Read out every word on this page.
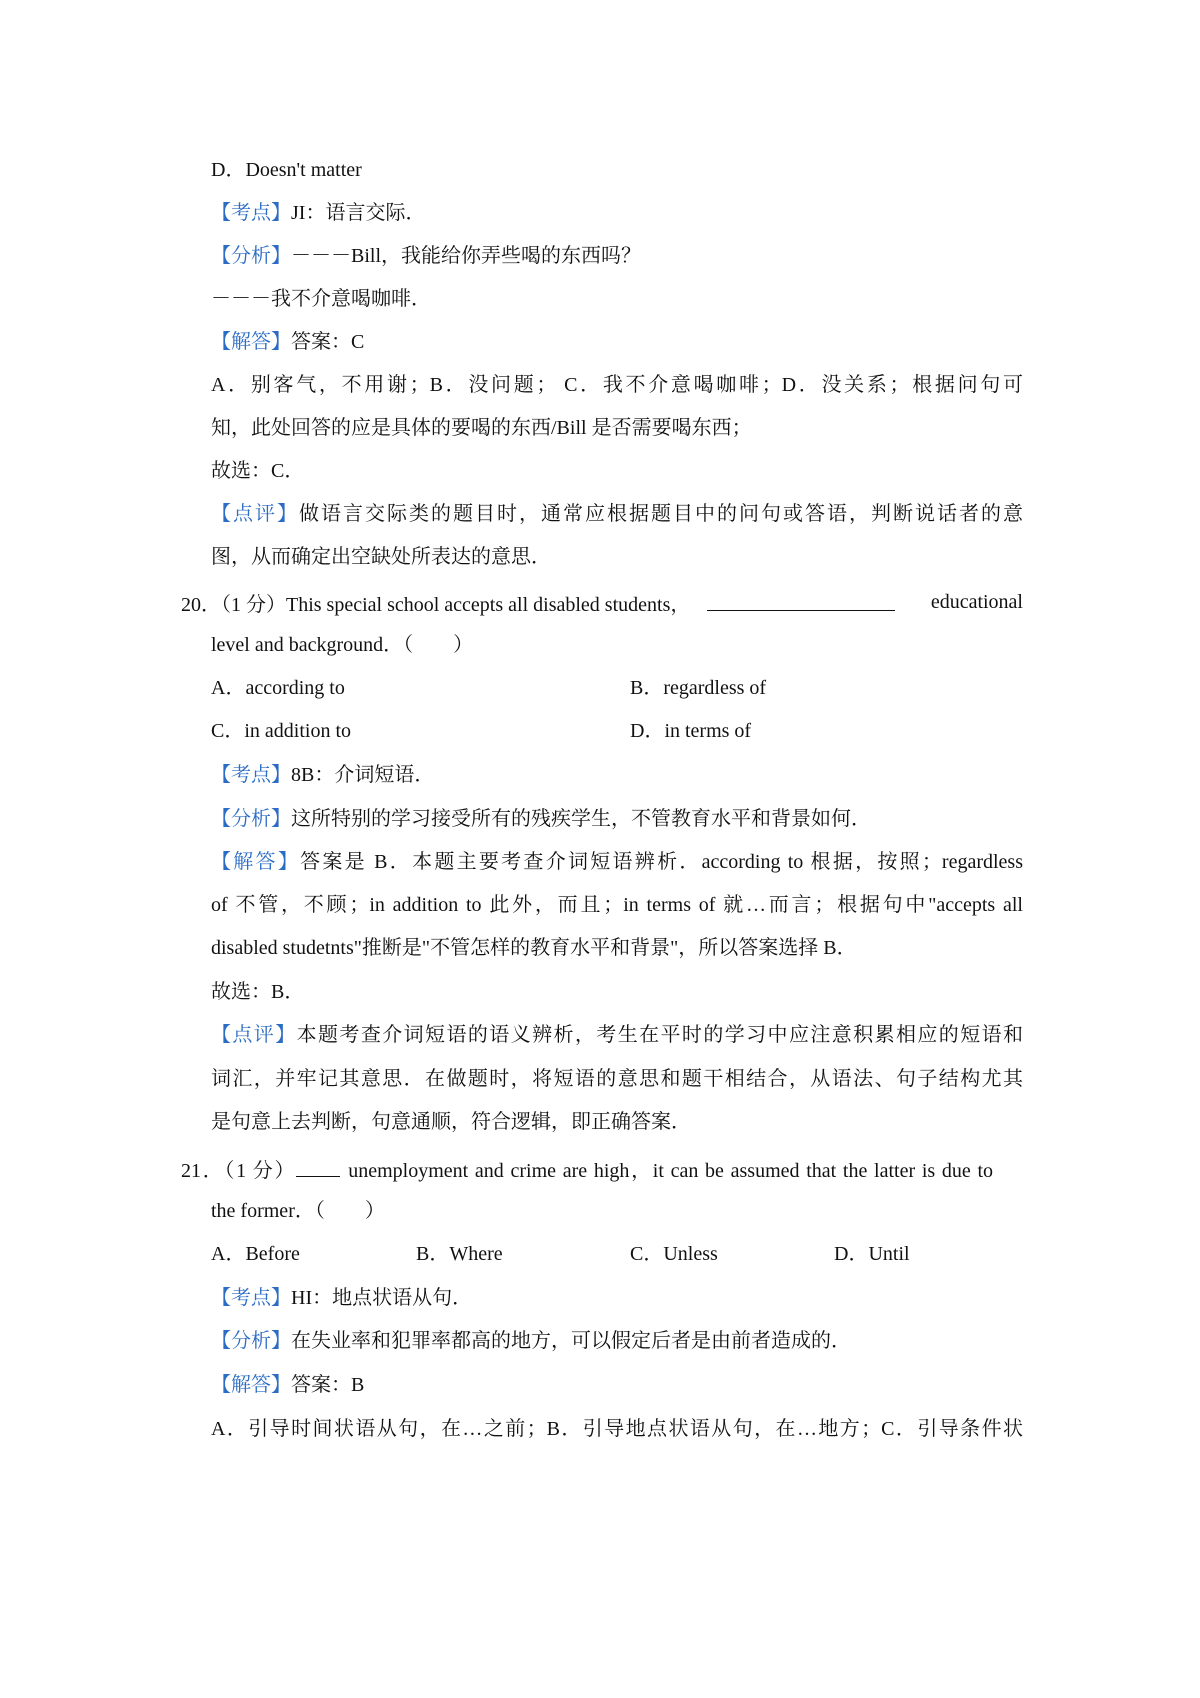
D．Doesn't matter
【考点】JI：语言交际．
【分析】－－－Bill，我能给你弄些喝的东西吗？
－－－我不介意喝咖啡．
【解答】答案：C
A．别客气，不用谢；B．没问题； C．我不介意喝咖啡；D．没关系；根据问句可
知，此处回答的应是具体的要喝的东西/Bill 是否需要喝东西；
故选：C．
【点评】做语言交际类的题目时，通常应根据题目中的问句或答语，判断说话者的意
图，从而确定出空缺处所表达的意思．
20．（1 分）This special school accepts all disabled students，	educational
level and background．（　　）
A．according to	B．regardless of
C．in addition to	D．in terms of
【考点】8B：介词短语．
【分析】这所特别的学习接受所有的残疾学生，不管教育水平和背景如何．
【解答】答案是 B．本题主要考查介词短语辨析．according to 根据，按照；regardless
of 不管，不顾；in addition to 此外，而且；in terms of 就…而言；根据句中"accepts all
disabled studetnts"推断是"不管怎样的教育水平和背景"，所以答案选择 B．
故选：B．
【点评】本题考查介词短语的语义辨析，考生在平时的学习中应注意积累相应的短语和
词汇，并牢记其意思．在做题时，将短语的意思和题干相结合，从语法、句子结构尤其
是句意上去判断，句意通顺，符合逻辑，即正确答案．
21．（1 分）	unemployment and crime are high，it can be assumed that the latter is due to
the former．（　　）
A．Before	B．Where	C．Unless	D．Until
【考点】HI：地点状语从句．
【分析】在失业率和犯罪率都高的地方，可以假定后者是由前者造成的．
【解答】答案：B
A．引导时间状语从句，在…之前；B．引导地点状语从句，在…地方；C．引导条件状
